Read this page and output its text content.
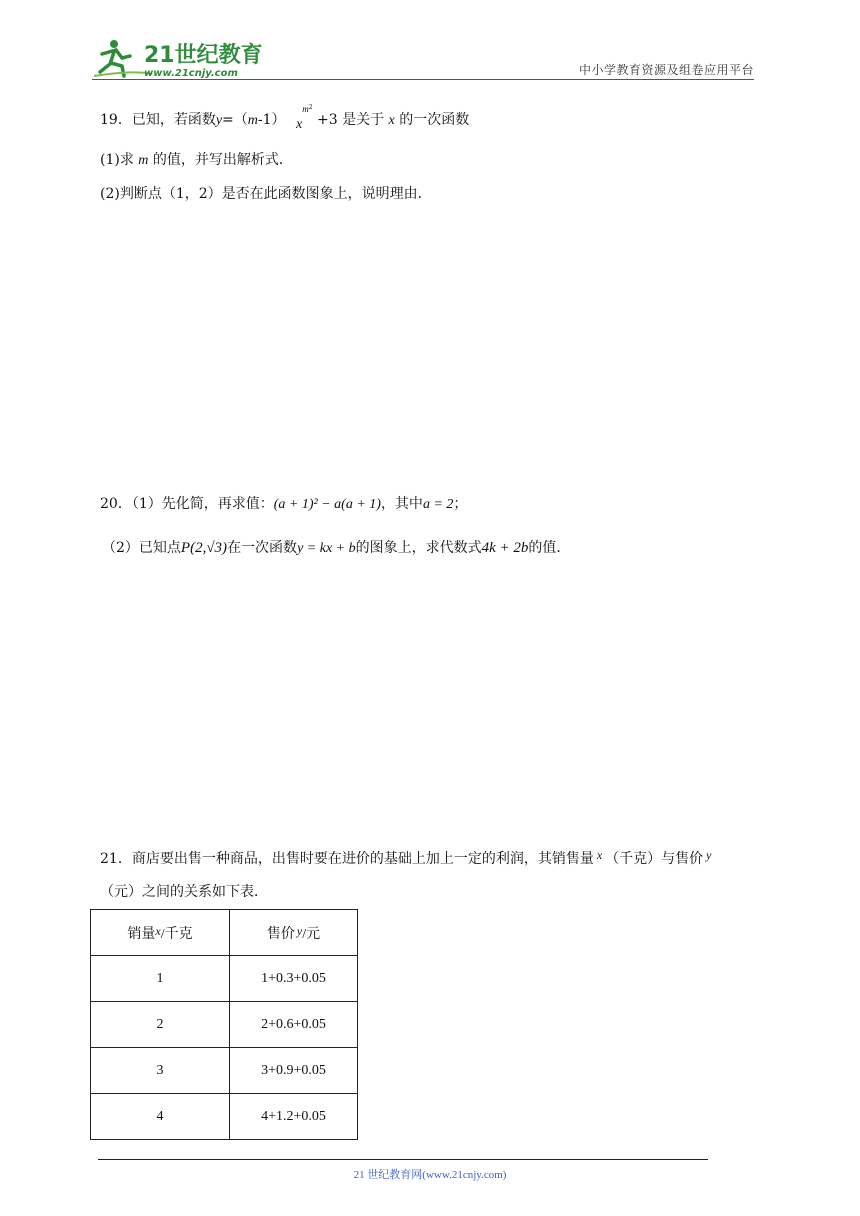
21世纪教育
www.21cnjy.com	中小学教育资源及组卷应用平台
19．已知，若函数y=（m-1） $x^{m^2} +3$ 是关于 x 的一次函数
(1)求 m 的值，并写出解析式．
(2)判断点（1，2）是否在此函数图象上，说明理由．
20．（1）先化简，再求值：(a + 1)² − a(a + 1)，其中a = 2；
（2）已知点P(2,√3)在一次函数y = kx + b的图象上，求代数式4k + 2b的值．
21．商店要出售一种商品，出售时要在进价的基础上加上一定的利润，其销售量 x （千克）与售价 y
（元）之间的关系如下表．
销量x/千克	售价 y/元
1	1+0.3+0.05
2	2+0.6+0.05
3	3+0.9+0.05
4	4+1.2+0.05
21 世纪教育网(www.21cnjy.com)
